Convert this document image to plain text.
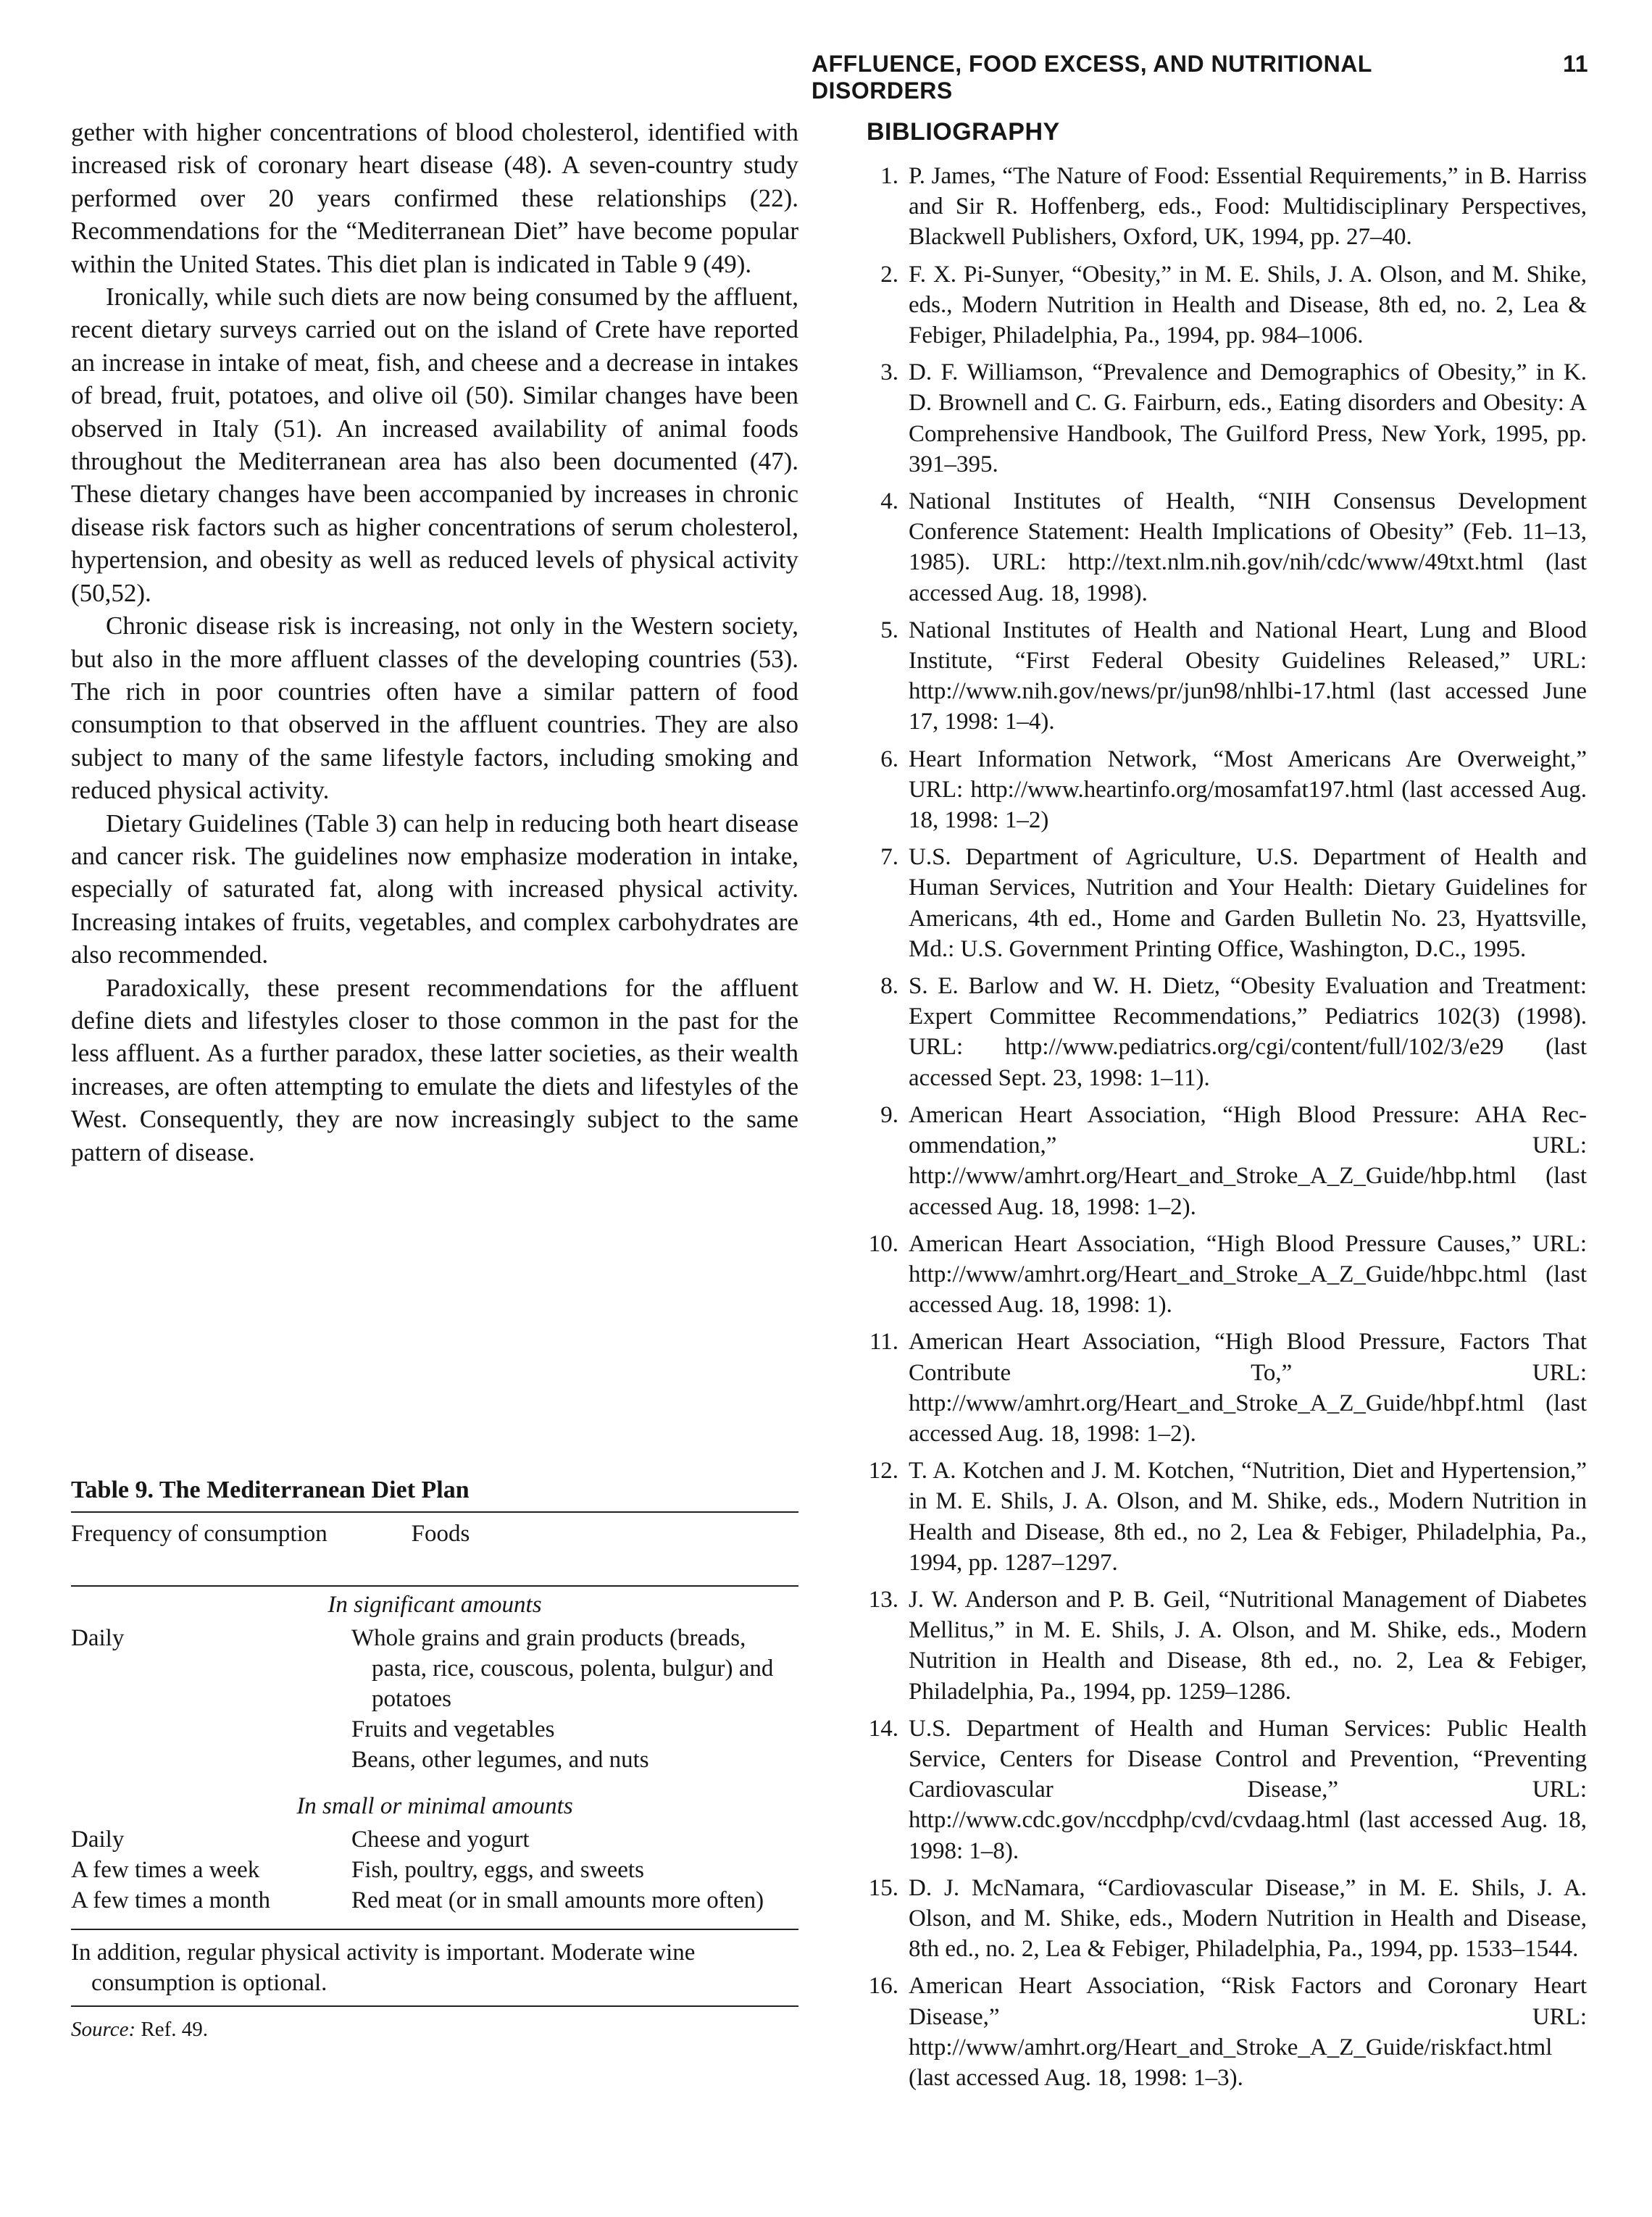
AFFLUENCE, FOOD EXCESS, AND NUTRITIONAL DISORDERS
11

gether with higher concentrations of blood cholesterol, identified with increased risk of coronary heart disease (48). A seven-country study performed over 20 years confirmed these relationships (22). Recommendations for the “Mediterranean Diet” have become popular within the United States. This diet plan is indicated in Table 9 (49).

Ironically, while such diets are now being consumed by the affluent, recent dietary surveys carried out on the island of Crete have reported an increase in intake of meat, fish, and cheese and a decrease in intakes of bread, fruit, potatoes, and olive oil (50). Similar changes have been observed in Italy (51). An increased availability of animal foods throughout the Mediterranean area has also been documented (47). These dietary changes have been accompanied by increases in chronic disease risk factors such as higher concentrations of serum cholesterol, hypertension, and obesity as well as reduced levels of physical activity (50,52).

Chronic disease risk is increasing, not only in the Western society, but also in the more affluent classes of the developing countries (53). The rich in poor countries often have a similar pattern of food consumption to that observed in the affluent countries. They are also subject to many of the same lifestyle factors, including smoking and reduced physical activity.

Dietary Guidelines (Table 3) can help in reducing both heart disease and cancer risk. The guidelines now emphasize moderation in intake, especially of saturated fat, along with increased physical activity. Increasing intakes of fruits, vegetables, and complex carbohydrates are also recommended.

Paradoxically, these present recommendations for the affluent define diets and lifestyles closer to those common in the past for the less affluent. As a further paradox, these latter societies, as their wealth increases, are often attempting to emulate the diets and lifestyles of the West. Consequently, they are now increasingly subject to the same pattern of disease.

Table 9. The Mediterranean Diet Plan
Frequency of consumption	Foods
In significant amounts
Daily	Whole grains and grain products (breads, pasta, rice, couscous, polenta, bulgur) and potatoes
Fruits and vegetables
Beans, other legumes, and nuts
In small or minimal amounts
Daily	Cheese and yogurt
A few times a week	Fish, poultry, eggs, and sweets
A few times a month	Red meat (or in small amounts more often)
In addition, regular physical activity is important. Moderate wine consumption is optional.
Source: Ref. 49.
BIBLIOGRAPHY

1. P. James, “The Nature of Food: Essential Requirements,” in B. Harriss and Sir R. Hoffenberg, eds., Food: Multidisciplinary Perspectives, Blackwell Publishers, Oxford, UK, 1994, pp. 27–40.

2. F. X. Pi-Sunyer, “Obesity,” in M. E. Shils, J. A. Olson, and M. Shike, eds., Modern Nutrition in Health and Disease, 8th ed, no. 2, Lea & Febiger, Philadelphia, Pa., 1994, pp. 984–1006.

3. D. F. Williamson, “Prevalence and Demographics of Obesity,” in K. D. Brownell and C. G. Fairburn, eds., Eating disorders and Obesity: A Comprehensive Handbook, The Guilford Press, New York, 1995, pp. 391–395.

4. National Institutes of Health, “NIH Consensus Development Conference Statement: Health Implications of Obesity” (Feb. 11–13, 1985). URL: http://text.nlm.nih.gov/nih/cdc/www/49txt.html (last accessed Aug. 18, 1998).

5. National Institutes of Health and National Heart, Lung and Blood Institute, “First Federal Obesity Guidelines Released,” URL: http://www.nih.gov/news/pr/jun98/nhlbi-17.html (last accessed June 17, 1998: 1–4).

6. Heart Information Network, “Most Americans Are Overweight,” URL: http://www.heartinfo.org/mosamfat197.html (last accessed Aug. 18, 1998: 1–2)

7. U.S. Department of Agriculture, U.S. Department of Health and Human Services, Nutrition and Your Health: Dietary Guidelines for Americans, 4th ed., Home and Garden Bulletin No. 23, Hyattsville, Md.: U.S. Government Printing Office, Washington, D.C., 1995.

8. S. E. Barlow and W. H. Dietz, “Obesity Evaluation and Treatment: Expert Committee Recommendations,” Pediatrics 102(3) (1998). URL: http://www.pediatrics.org/cgi/content/full/102/3/e29 (last accessed Sept. 23, 1998: 1–11).

9. American Heart Association, “High Blood Pressure: AHA Recommendation,” URL: http://www/amhrt.org/Heart_and_Stroke_A_Z_Guide/hbp.html (last accessed Aug. 18, 1998: 1–2).

10. American Heart Association, “High Blood Pressure Causes,” URL: http://www/amhrt.org/Heart_and_Stroke_A_Z_Guide/hbpc.html (last accessed Aug. 18, 1998: 1).

11. American Heart Association, “High Blood Pressure, Factors That Contribute To,” URL: http://www/amhrt.org/Heart_and_Stroke_A_Z_Guide/hbpf.html (last accessed Aug. 18, 1998: 1–2).

12. T. A. Kotchen and J. M. Kotchen, “Nutrition, Diet and Hypertension,” in M. E. Shils, J. A. Olson, and M. Shike, eds., Modern Nutrition in Health and Disease, 8th ed., no 2, Lea & Febiger, Philadelphia, Pa., 1994, pp. 1287–1297.

13. J. W. Anderson and P. B. Geil, “Nutritional Management of Diabetes Mellitus,” in M. E. Shils, J. A. Olson, and M. Shike, eds., Modern Nutrition in Health and Disease, 8th ed., no. 2, Lea & Febiger, Philadelphia, Pa., 1994, pp. 1259–1286.

14. U.S. Department of Health and Human Services: Public Health Service, Centers for Disease Control and Prevention, “Preventing Cardiovascular Disease,” URL: http://www.cdc.gov/nccdphp/cvd/cvdaag.html (last accessed Aug. 18, 1998: 1–8).

15. D. J. McNamara, “Cardiovascular Disease,” in M. E. Shils, J. A. Olson, and M. Shike, eds., Modern Nutrition in Health and Disease, 8th ed., no. 2, Lea & Febiger, Philadelphia, Pa., 1994, pp. 1533–1544.

16. American Heart Association, “Risk Factors and Coronary Heart Disease,” URL: http://www/amhrt.org/Heart_and_Stroke_A_Z_Guide/riskfact.html (last accessed Aug. 18, 1998: 1–3).
